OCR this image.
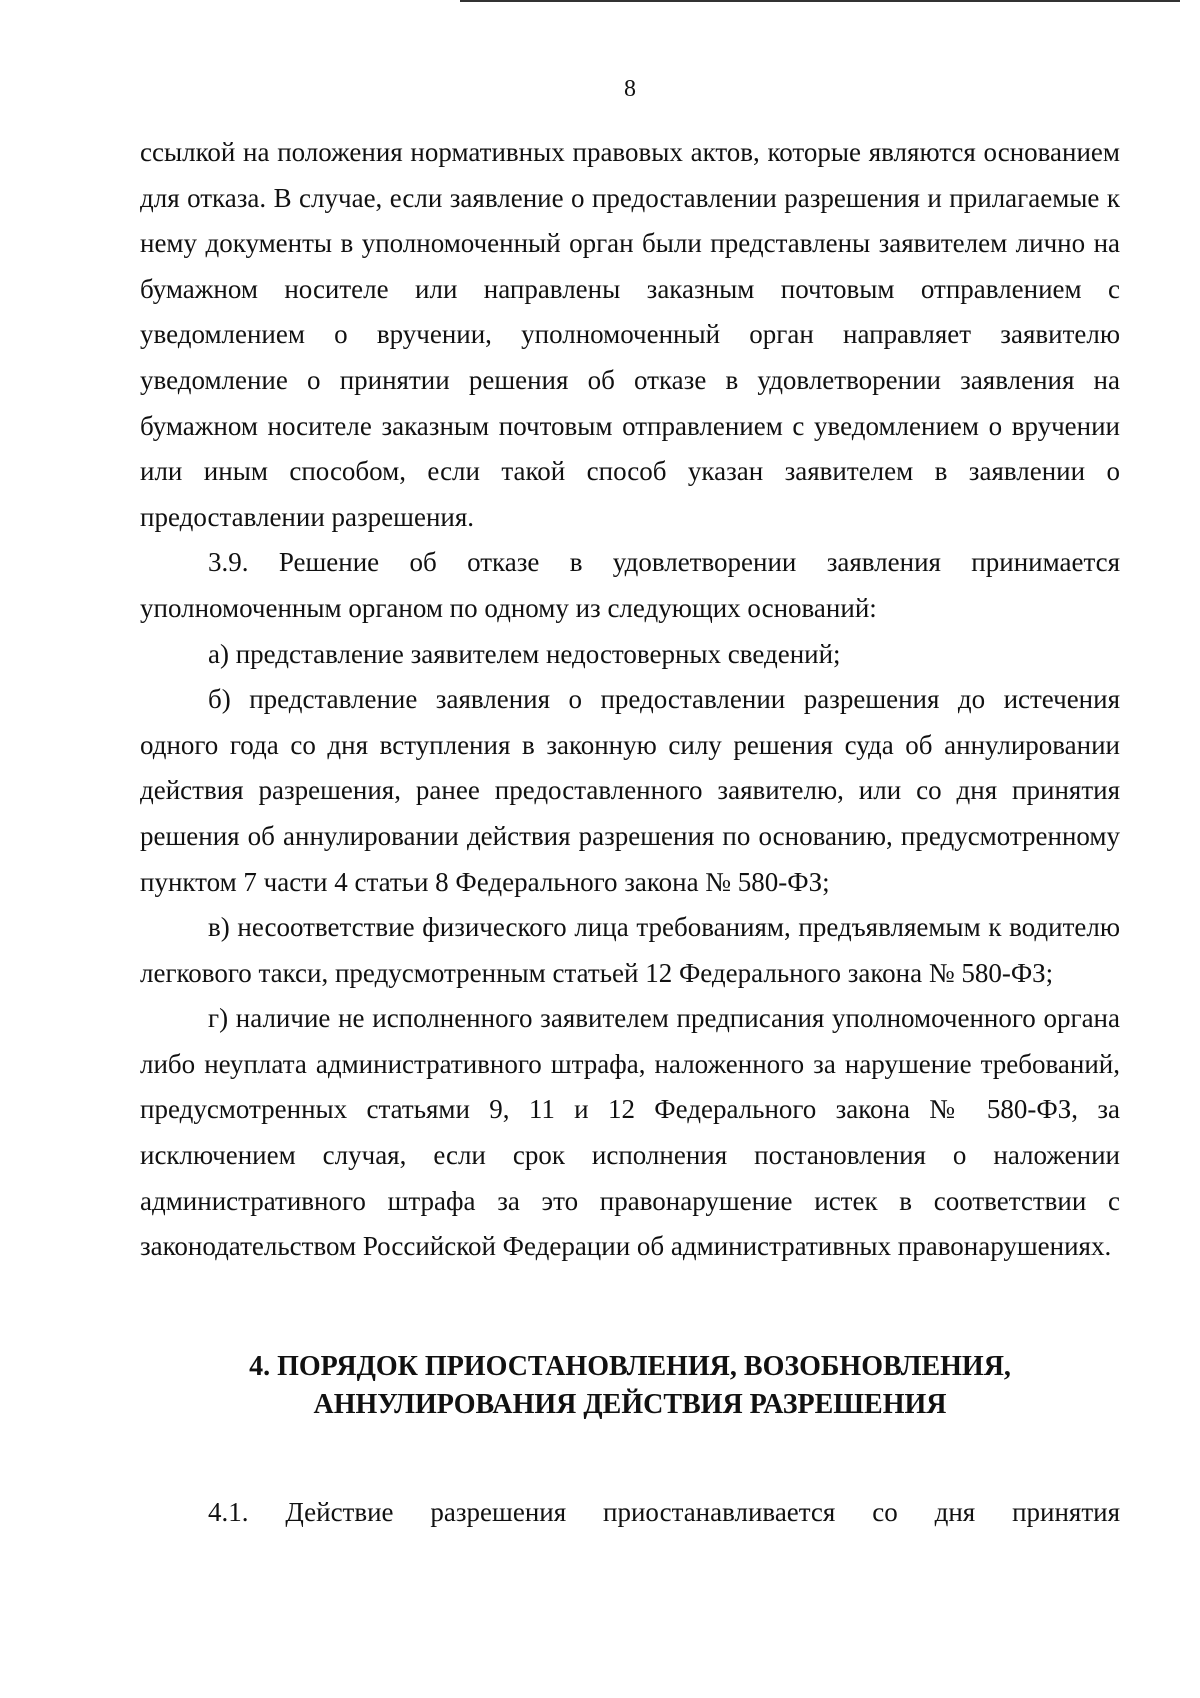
8

ссылкой на положения нормативных правовых актов, которые являются основанием для отказа. В случае, если заявление о предоставлении разрешения и прилагаемые к нему документы в уполномоченный орган были представлены заявителем лично на бумажном носителе или направлены заказным почтовым отправлением с уведомлением о вручении, уполномоченный орган направляет заявителю уведомление о принятии решения об отказе в удовлетворении заявления на бумажном носителе заказным почтовым отправлением с уведомлением о вручении или иным способом, если такой способ указан заявителем в заявлении о предоставлении разрешения.

3.9. Решение об отказе в удовлетворении заявления принимается уполномоченным органом по одному из следующих оснований:

а) представление заявителем недостоверных сведений;

б) представление заявления о предоставлении разрешения до истечения одного года со дня вступления в законную силу решения суда об аннулировании действия разрешения, ранее предоставленного заявителю, или со дня принятия решения об аннулировании действия разрешения по основанию, предусмотренному пунктом 7 части 4 статьи 8 Федерального закона № 580-ФЗ;

в) несоответствие физического лица требованиям, предъявляемым к водителю легкового такси, предусмотренным статьей 12 Федерального закона № 580-ФЗ;

г) наличие не исполненного заявителем предписания уполномоченного органа либо неуплата административного штрафа, наложенного за нарушение требований, предусмотренных статьями 9, 11 и 12 Федерального закона № 580-ФЗ, за исключением случая, если срок исполнения постановления о наложении административного штрафа за это правонарушение истек в соответствии с законодательством Российской Федерации об административных правонарушениях.

4. ПОРЯДОК ПРИОСТАНОВЛЕНИЯ, ВОЗОБНОВЛЕНИЯ,
АННУЛИРОВАНИЯ ДЕЙСТВИЯ РАЗРЕШЕНИЯ

4.1. Действие разрешения приостанавливается со дня принятия
